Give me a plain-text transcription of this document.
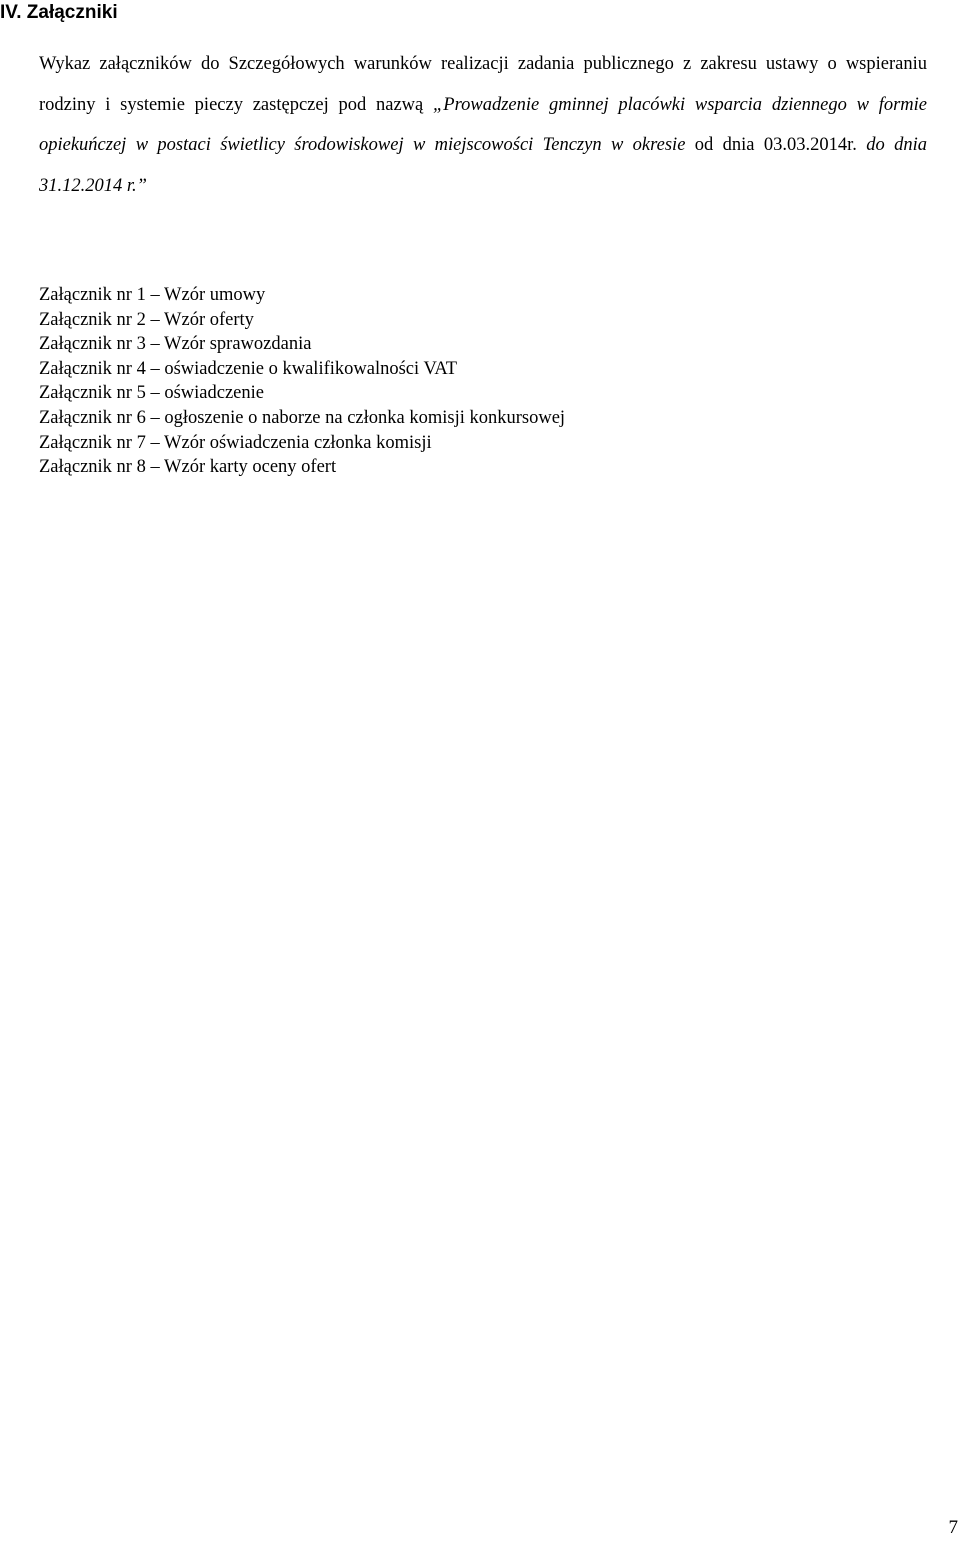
IV. Załączniki

Wykaz załączników do Szczegółowych warunków realizacji zadania publicznego z zakresu ustawy o wspieraniu rodziny i systemie pieczy zastępczej pod nazwą „Prowadzenie gminnej placówki wsparcia dziennego w formie opiekuńczej w postaci świetlicy środowiskowej w miejscowości Tenczyn w okresie od dnia 03.03.2014r. do dnia 31.12.2014 r.”

Załącznik nr 1 – Wzór umowy
Załącznik nr 2 – Wzór oferty
Załącznik nr 3 – Wzór sprawozdania
Załącznik nr 4 – oświadczenie o kwalifikowalności VAT
Załącznik nr 5 – oświadczenie
Załącznik nr 6 – ogłoszenie o naborze na członka komisji konkursowej
Załącznik nr 7 – Wzór oświadczenia członka komisji
Załącznik nr 8 – Wzór karty oceny ofert
7
